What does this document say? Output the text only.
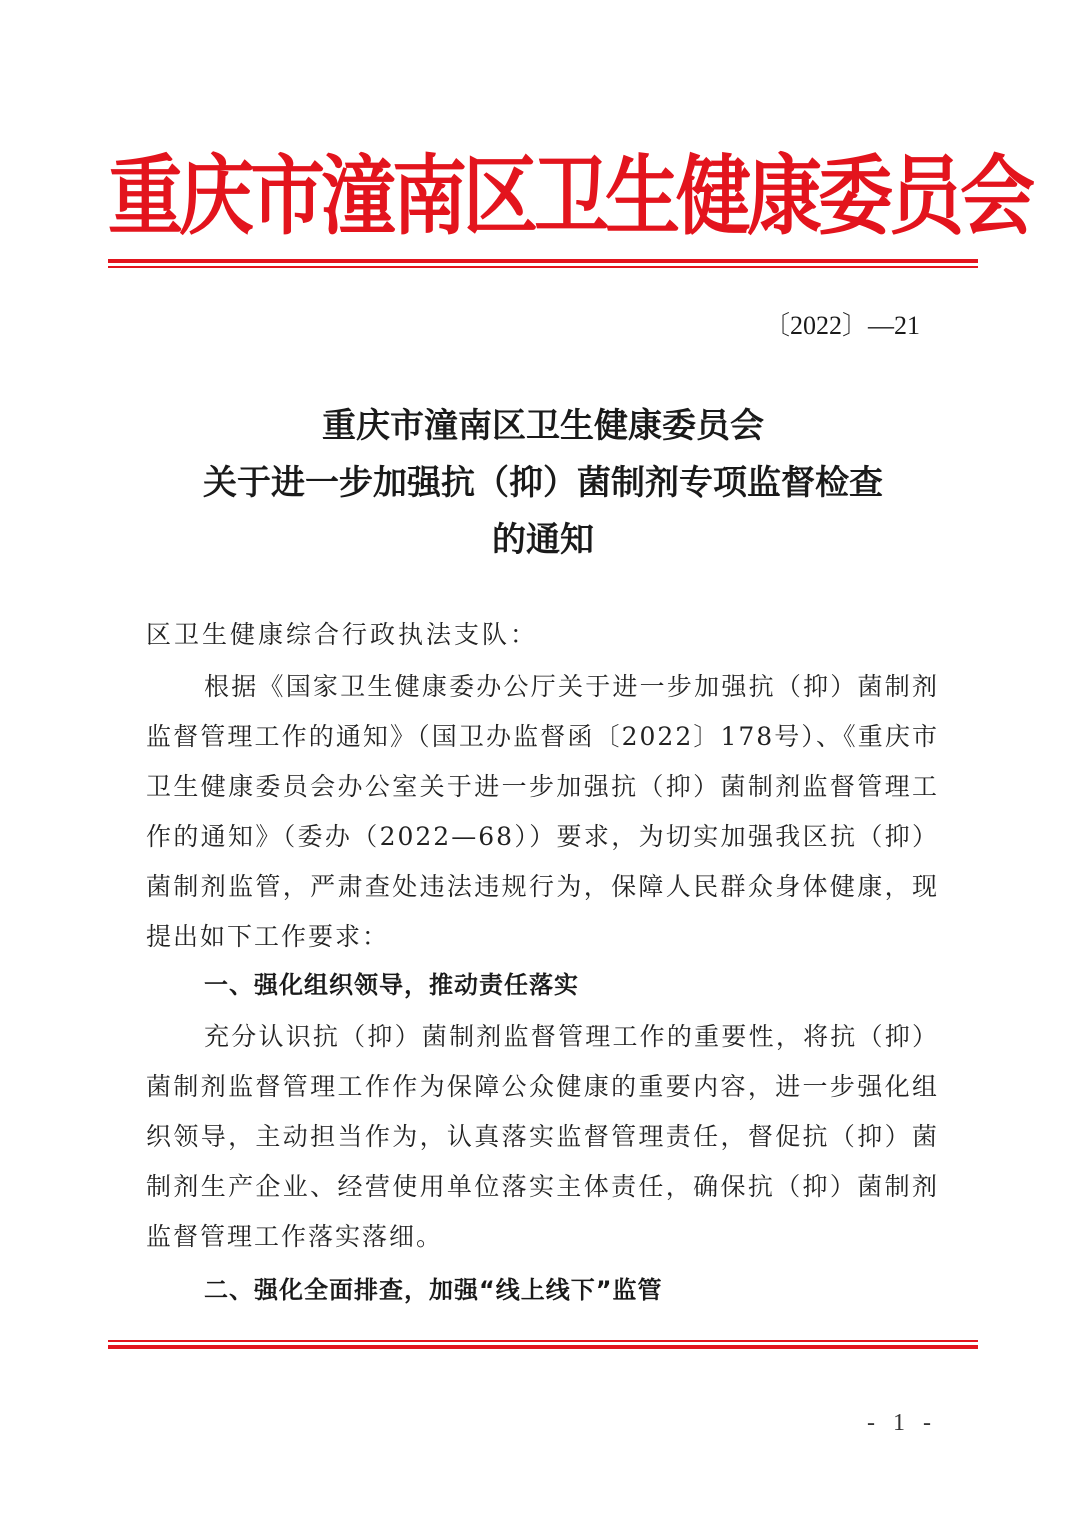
重庆市潼南区卫生健康委员会
〔2022〕—21
重庆市潼南区卫生健康委员会
关于进一步加强抗（抑）菌制剂专项监督检查
的通知
区卫生健康综合行政执法支队：
根据《国家卫生健康委办公厅关于进一步加强抗（抑）菌制剂监督管理工作的通知》（国卫办监督函〔2022〕178号）、《重庆市卫生健康委员会办公室关于进一步加强抗（抑）菌制剂监督管理工作的通知》（委办（2022—68））要求，为切实加强我区抗（抑）菌制剂监管，严肃查处违法违规行为，保障人民群众身体健康，现提出如下工作要求：
一、强化组织领导，推动责任落实
充分认识抗（抑）菌制剂监督管理工作的重要性，将抗（抑）菌制剂监督管理工作作为保障公众健康的重要内容，进一步强化组织领导，主动担当作为，认真落实监督管理责任，督促抗（抑）菌制剂生产企业、经营使用单位落实主体责任，确保抗（抑）菌制剂监督管理工作落实落细。
二、强化全面排查，加强“线上线下”监管
- 1 -
